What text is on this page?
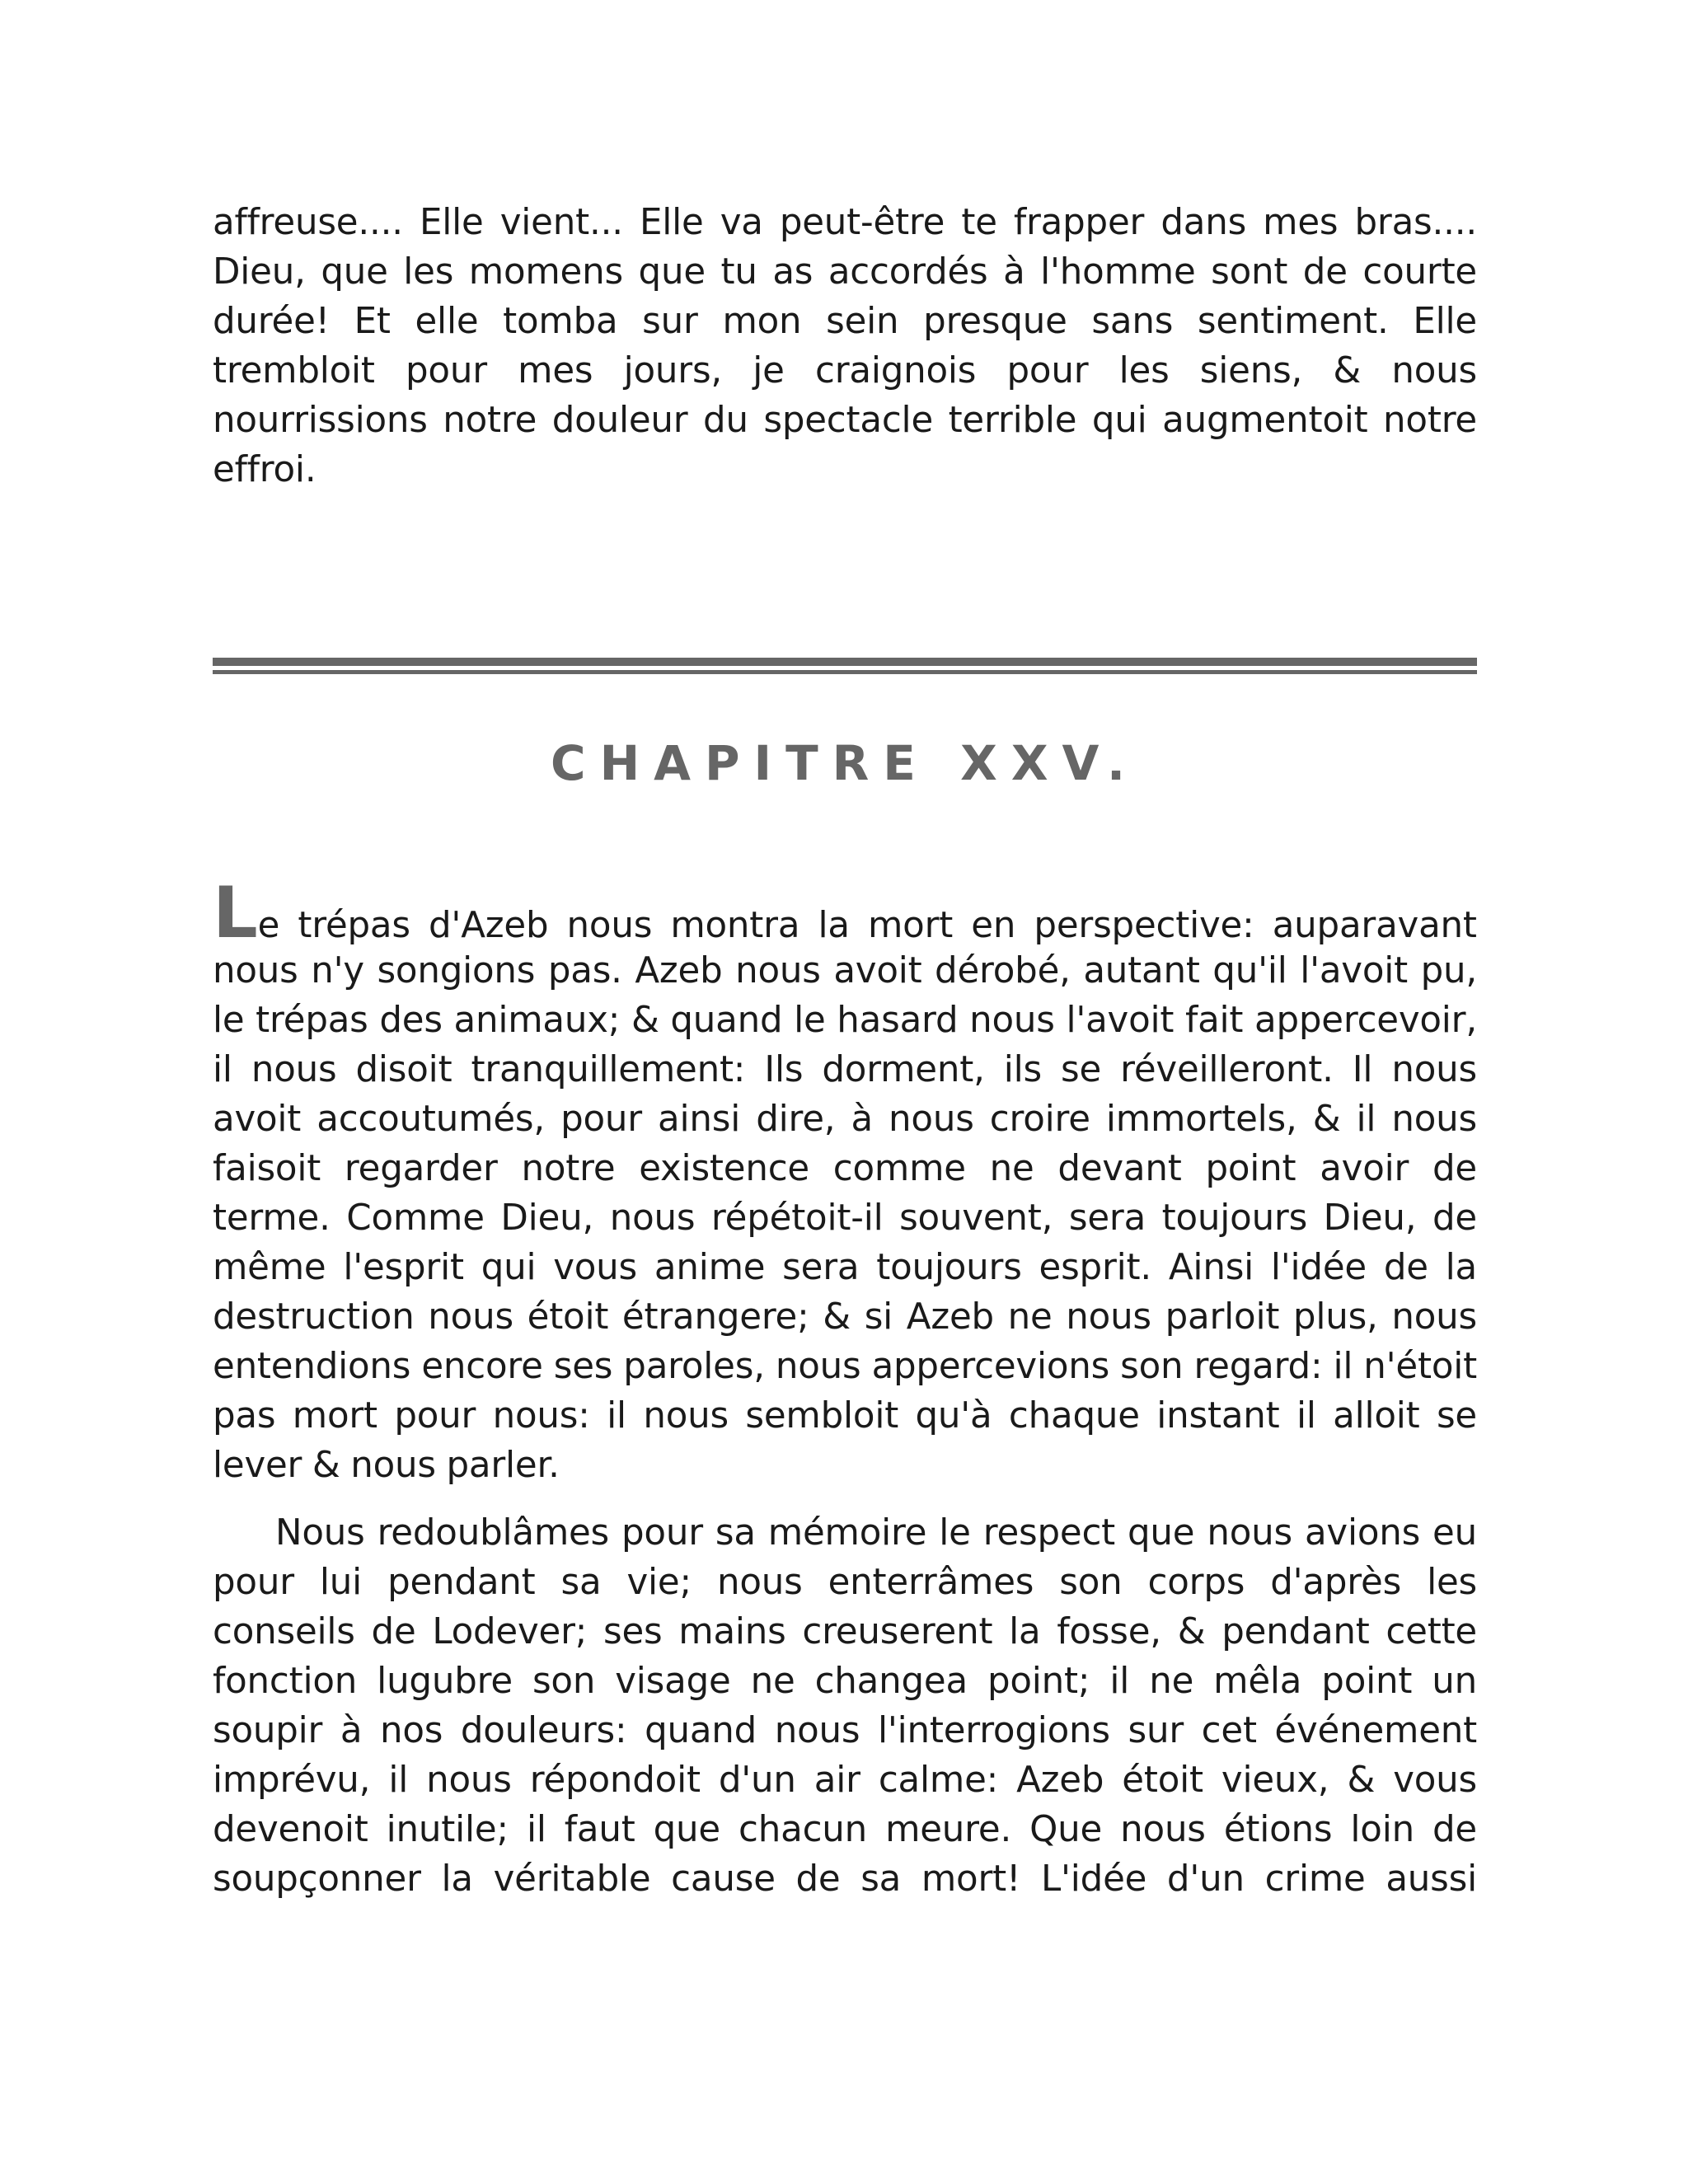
affreuse.... Elle vient... Elle va peut-être te frapper dans mes bras.... Dieu, que les momens que tu as accordés à l'homme sont de courte durée! Et elle tomba sur mon sein presque sans sentiment. Elle trembloit pour mes jours, je craignois pour les siens, & nous nourrissions notre douleur du spectacle terrible qui augmentoit notre effroi.

CHAPITRE XXV.
Le trépas d'Azeb nous montra la mort en perspective: auparavant

nous n'y songions pas. Azeb nous avoit dérobé, autant qu'il l'avoit pu, le trépas des animaux; & quand le hasard nous l'avoit fait appercevoir, il nous disoit tranquillement: Ils dorment, ils se réveilleront. Il nous avoit accoutumés, pour ainsi dire, à nous croire immortels, & il nous faisoit regarder notre existence comme ne devant point avoir de terme. Comme Dieu, nous répétoit-il souvent, sera toujours Dieu, de même l'esprit qui vous anime sera toujours esprit. Ainsi l'idée de la destruction nous étoit étrangere; & si Azeb ne nous parloit plus, nous entendions encore ses paroles, nous appercevions son regard: il n'étoit pas mort pour nous: il nous sembloit qu'à chaque instant il alloit se lever & nous parler.

Nous redoublâmes pour sa mémoire le respect que nous avions eu pour lui pendant sa vie; nous enterrâmes son corps d'après les conseils de Lodever; ses mains creuserent la fosse, & pendant cette fonction lugubre son visage ne changea point; il ne mêla point un soupir à nos douleurs: quand nous l'interrogions sur cet événement imprévu, il nous répondoit d'un air calme: Azeb étoit vieux, & vous devenoit inutile; il faut que chacun meure. Que nous étions loin de soupçonner la véritable cause de sa mort! L'idée d'un crime aussi
